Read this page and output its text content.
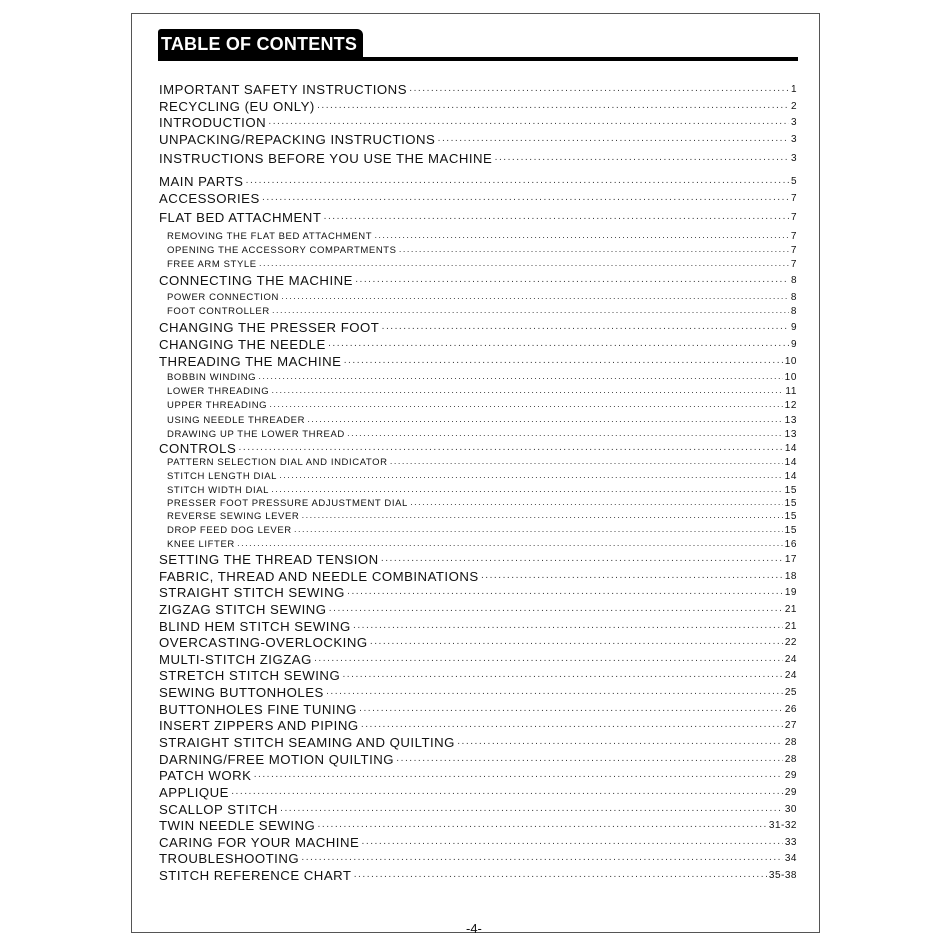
TABLE OF CONTENTS
IMPORTANT SAFETY INSTRUCTIONS ·····	1
RECYCLING (EU ONLY) ·····	2
INTRODUCTION ·····	3
UNPACKING/REPACKING INSTRUCTIONS ·····	3
INSTRUCTIONS BEFORE YOU USE THE MACHINE ·····	3
MAIN PARTS ·····	5
ACCESSORIES ·····	7
FLAT BED ATTACHMENT ·····	7
REMOVING THE FLAT BED ATTACHMENT ·····	7
OPENING THE ACCESSORY COMPARTMENTS ·····	7
FREE ARM STYLE ·····	7
CONNECTING THE MACHINE ·····	8
POWER CONNECTION ·····	8
FOOT CONTROLLER ·····	8
CHANGING THE PRESSER FOOT ·····	9
CHANGING THE NEEDLE ·····	9
THREADING THE MACHINE ·····	10
BOBBIN WINDING ·····	10
LOWER THREADING ·····	11
UPPER THREADING ·····	12
USING NEEDLE THREADER ·····	13
DRAWING UP THE LOWER THREAD ·····	13
CONTROLS ·····	14
PATTERN SELECTION DIAL AND INDICATOR ·····	14
STITCH LENGTH DIAL ·····	14
STITCH WIDTH DIAL ·····	15
PRESSER FOOT PRESSURE ADJUSTMENT DIAL ·····	15
REVERSE SEWING LEVER ·····	15
DROP FEED DOG LEVER ·····	15
KNEE LIFTER ·····	16
SETTING THE THREAD TENSION ·····	17
FABRIC, THREAD AND NEEDLE COMBINATIONS ·····	18
STRAIGHT STITCH SEWING ·····	19
ZIGZAG STITCH SEWING ·····	21
BLIND HEM STITCH SEWING ·····	21
OVERCASTING-OVERLOCKING ·····	22
MULTI-STITCH ZIGZAG ·····	24
STRETCH STITCH SEWING ·····	24
SEWING BUTTONHOLES ·····	25
BUTTONHOLES FINE TUNING ·····	26
INSERT ZIPPERS AND PIPING ·····	27
STRAIGHT STITCH SEAMING AND QUILTING ·····	28
DARNING/FREE MOTION QUILTING ·····	28
PATCH WORK ·····	29
APPLIQUE ·····	29
SCALLOP STITCH ·····	30
TWIN NEEDLE SEWING ·····	31-32
CARING FOR YOUR MACHINE ·····	33
TROUBLESHOOTING ·····	34
STITCH REFERENCE CHART ·····	35-38
-4-
